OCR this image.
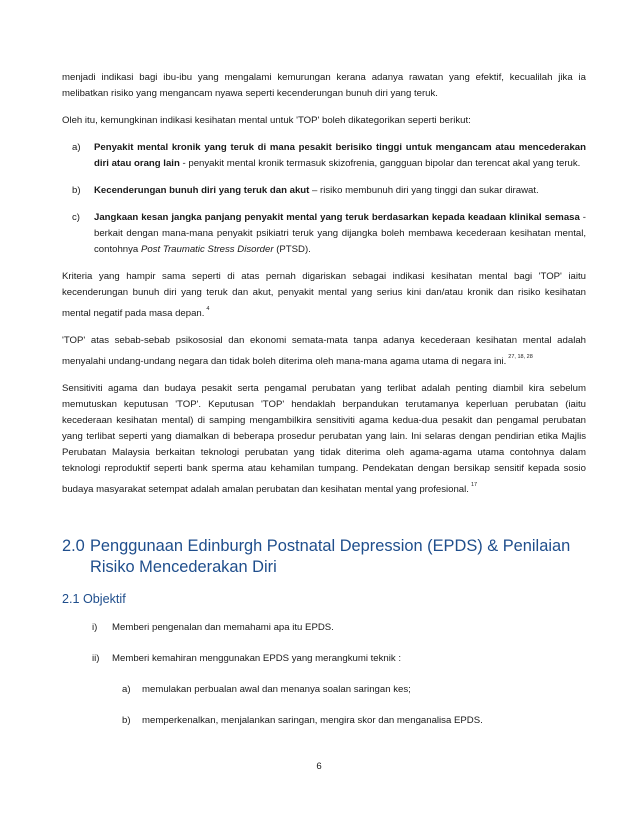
menjadi indikasi bagi ibu-ibu yang mengalami kemurungan kerana adanya rawatan yang efektif, kecualilah jika ia melibatkan risiko yang mengancam nyawa seperti kecenderungan bunuh diri yang teruk.

Oleh itu, kemungkinan indikasi kesihatan mental untuk 'TOP' boleh dikategorikan seperti berikut:

a) Penyakit mental kronik yang teruk di mana pesakit berisiko tinggi untuk mengancam atau mencederakan diri atau orang lain - penyakit mental kronik termasuk skizofrenia, gangguan bipolar dan terencat akal yang teruk.
b) Kecenderungan bunuh diri yang teruk dan akut – risiko membunuh diri yang tinggi dan sukar dirawat.
c) Jangkaan kesan jangka panjang penyakit mental yang teruk berdasarkan kepada keadaan klinikal semasa - berkait dengan mana-mana penyakit psikiatri teruk yang dijangka boleh membawa kecederaan kesihatan mental, contohnya Post Traumatic Stress Disorder (PTSD).

Kriteria yang hampir sama seperti di atas pernah digariskan sebagai indikasi kesihatan mental bagi 'TOP' iaitu kecenderungan bunuh diri yang teruk dan akut, penyakit mental yang serius kini dan/atau kronik dan risiko kesihatan mental negatif pada masa depan. $^4$

'TOP' atas sebab-sebab psikososial dan ekonomi semata-mata tanpa adanya kecederaan kesihatan mental adalah menyalahi undang-undang negara dan tidak boleh diterima oleh mana-mana agama utama di negara ini. $^{27, 18, 28}$

Sensitiviti agama dan budaya pesakit serta pengamal perubatan yang terlibat adalah penting diambil kira sebelum memutuskan keputusan 'TOP'. Keputusan 'TOP' hendaklah berpandukan terutamanya keperluan perubatan (iaitu kecederaan kesihatan mental) di samping mengambilkira sensitiviti agama kedua-dua pesakit dan pengamal perubatan yang terlibat seperti yang diamalkan di beberapa prosedur perubatan yang lain. Ini selaras dengan pendirian etika Majlis Perubatan Malaysia berkaitan teknologi perubatan yang tidak diterima oleh agama-agama utama contohnya dalam teknologi reproduktif seperti bank sperma atau kehamilan tumpang. Pendekatan dengan bersikap sensitif kepada sosio budaya masyarakat setempat adalah amalan perubatan dan kesihatan mental yang profesional. $^{17}$

2.0 Penggunaan Edinburgh Postnatal Depression (EPDS) & Penilaian Risiko Mencederakan Diri
2.1 Objektif
i) Memberi pengenalan dan memahami apa itu EPDS.
ii) Memberi kemahiran menggunakan EPDS yang merangkumi teknik :
a) memulakan perbualan awal dan menanya soalan saringan kes;
b) memperkenalkan, menjalankan saringan, mengira skor dan menganalisa EPDS.
6
